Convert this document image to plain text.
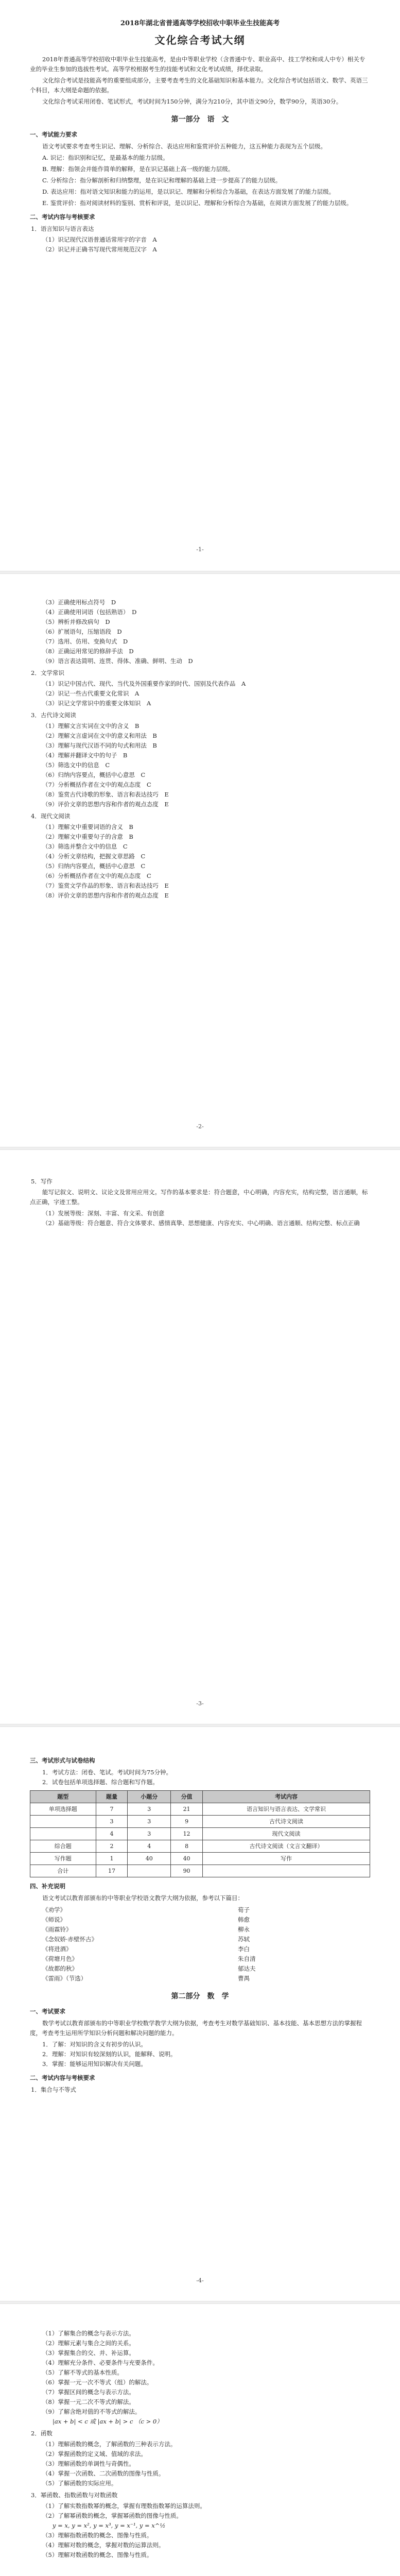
2018年湖北省普通高等学校招收中职毕业生技能高考
文化综合考试大纲

2018年普通高等学校招收中职毕业生技能高考，是由中等职业学校（含普通中专、职业高中、技工学校和成人中专）相关专业的毕业生参加的选拔性考试。高等学校根据考生的技能考试和文化考试成绩，择优录取。

文化综合考试是技能高考的重要组成部分，主要考查考生的文化基础知识和基本能力。文化综合考试包括语文、数学、英语三个科目，本大纲是命题的依据。

文化综合考试采用闭卷、笔试形式，考试时间为150分钟，满分为210分，其中语文90分，数学90分，英语30分。

第一部分　语　文
一、考试能力要求

语文考试要求考查考生识记、理解、分析综合、表达应用和鉴赏评价五种能力，这五种能力表现为五个层级。

A. 识记：指识别和记忆，是最基本的能力层级。

B. 理解：指领会并能作简单的解释，是在识记基础上高一级的能力层级。

C. 分析综合：指分解剖析和归纳整理，是在识记和理解的基础上进一步提高了的能力层级。

D. 表达应用：指对语文知识和能力的运用，是以识记、理解和分析综合为基础，在表达方面发展了的能力层级。

E. 鉴赏评价：指对阅读材料的鉴别、赏析和评说，是以识记、理解和分析综合为基础，在阅读方面发展了的能力层级。

二、考试内容与考核要求
1．语言知识与语言表达
（1）识记现代汉语普通话常用字的字音　A
（2）识记并正确书写现代常用规范汉字　A
-1-
（3）正确使用标点符号　D
（4）正确使用词语（包括熟语）　D
（5）辨析并修改病句　D
（6）扩展语句，压缩语段　D
（7）选用、仿用、变换句式　D
（8）正确运用常见的修辞手法　D
（9）语言表达简明、连贯、得体、准确、鲜明、生动　D
2．文学常识
（1）识记中国古代、现代、当代及外国重要作家的时代、国别及代表作品　A
（2）识记一些古代重要文化常识　A
（3）识记文学常识中的重要文体知识　A
3．古代诗文阅读
（1）理解文言实词在文中的含义　B
（2）理解文言虚词在文中的意义和用法　B
（3）理解与现代汉语不同的句式和用法　B
（4）理解并翻译文中的句子　B
（5）筛选文中的信息　C
（6）归纳内容要点，概括中心意思　C
（7）分析概括作者在文中的观点态度　C
（8）鉴赏古代诗歌的形象、语言和表达技巧　E
（9）评价文章的思想内容和作者的观点态度　E
4．现代文阅读
（1）理解文中重要词语的含义　B
（2）理解文中重要句子的含意　B
（3）筛选并整合文中的信息　C
（4）分析文章结构，把握文章思路　C
（5）归纳内容要点，概括中心意思　C
（6）分析概括作者在文中的观点态度　C
（7）鉴赏文学作品的形象、语言和表达技巧　E
（8）评价文章的思想内容和作者的观点态度　E
-2-
5．写作

能写记叙文、说明文、议论文及常用应用文。写作的基本要求是：符合题意，中心明确，内容充实，结构完整，语言通顺，标点正确，字迹工整。

（1）发展等级：深刻、丰富、有文采、有创意
（2）基础等级：符合题意、符合文体要求、感情真挚、思想健康、内容充实、中心明确、语言通顺、结构完整、标点正确
-3-
三、考试形式与试卷结构
1．考试方法：闭卷、笔试。考试时间为75分钟。
2．试卷包括单项选择题、综合题和写作题。
题型	题量	小题分	分值	考试内容
单项选择题	7	3	21	语言知识与语言表达、文学常识
	3	3	9	古代诗文阅读
	4	3	12	现代文阅读
综合题	2	4	8	古代诗文阅读（文言文翻译）
写作题	1	40	40	写作
合计	17		90	
四、补充说明

语文考试以教育部颁布的中等职业学校语文教学大纲为依据，参考以下篇目：

《劝学》	荀子
《师说》	韩愈
《雨霖铃》	柳永
《念奴娇·赤壁怀古》	苏轼
《将进酒》	李白
《荷塘月色》	朱自清
《故都的秋》	郁达夫
《雷雨》（节选）	曹禺
第二部分　数　学
一、考试要求

数学考试以教育部颁布的中等职业学校数学教学大纲为依据，考查考生对数学基础知识、基本技能、基本思想方法的掌握程度，考查考生运用所学知识分析问题和解决问题的能力。

1．了解：对知识的含义有初步的认识。
2．理解：对知识有较深刻的认识，能解释、说明。
3．掌握：能够运用知识解决有关问题。
二、考试内容与考核要求
1．集合与不等式
-4-
（1）了解集合的概念与表示方法。
（2）理解元素与集合之间的关系。
（3）掌握集合的交、并、补运算。
（4）理解充分条件、必要条件与充要条件。
（5）了解不等式的基本性质。
（6）掌握一元一次不等式（组）的解法。
（7）掌握区间的概念与表示方法。
（8）掌握一元二次不等式的解法。
（9）了解含绝对值的不等式的解法。
|ax + b| < c 或 |ax + b| > c （c > 0）
2．函数
（1）理解函数的概念，了解函数的三种表示方法。
（2）掌握函数的定义域、值域的求法。
（3）理解函数的单调性与奇偶性。
（4）掌握一次函数、二次函数的图像与性质。
（5）了解函数的实际应用。
3．幂函数、指数函数与对数函数
（1）了解实数指数幂的概念，掌握有理数指数幂的运算法则。
（2）了解幂函数的概念，掌握幂函数的图像与性质。
y = x, y = x², y = x³, y = x⁻¹, y = x^½
（3）理解指数函数的概念、图像与性质。
（4）理解对数的概念，掌握对数的运算法则。
（5）理解对数函数的概念、图像与性质。
